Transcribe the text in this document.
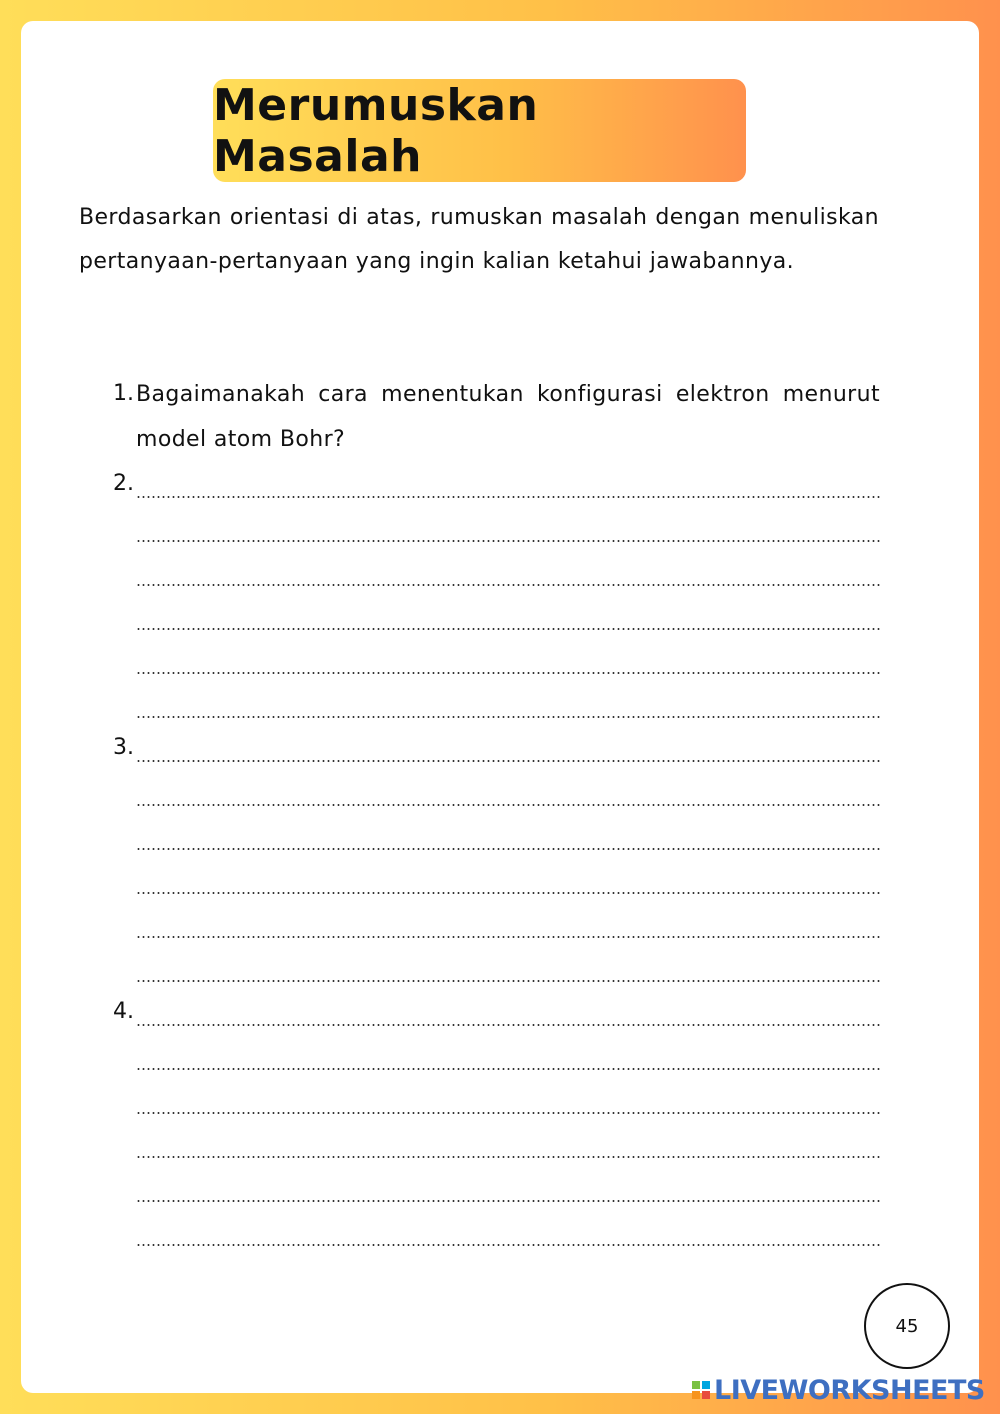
Merumuskan Masalah

Berdasarkan orientasi di atas, rumuskan masalah dengan menuliskan pertanyaan-pertanyaan yang ingin kalian ketahui jawabannya.

1. Bagaimanakah cara menentukan konfigurasi elektron menurut model atom Bohr?

2.
3.
4.
45
LIVEWORKSHEETS
